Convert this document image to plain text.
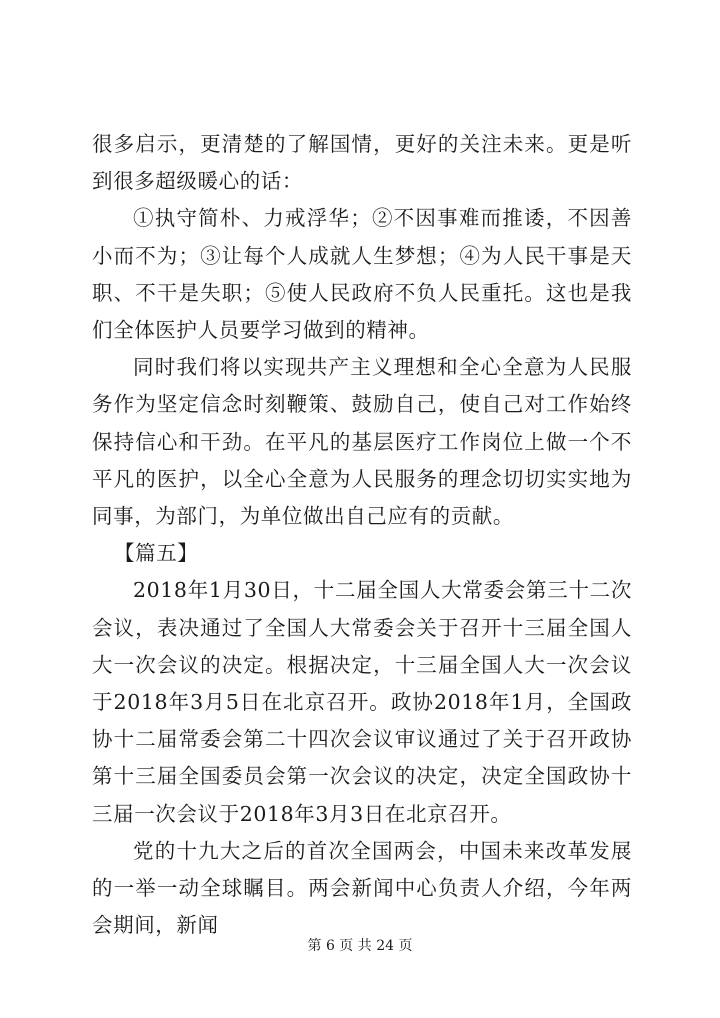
很多启示，更清楚的了解国情，更好的关注未来。更是听到很多超级暖心的话：

①执守简朴、力戒浮华；②不因事难而推诿，不因善小而不为；③让每个人成就人生梦想；④为人民干事是天职、不干是失职；⑤使人民政府不负人民重托。这也是我们全体医护人员要学习做到的精神。

同时我们将以实现共产主义理想和全心全意为人民服务作为坚定信念时刻鞭策、鼓励自己，使自己对工作始终保持信心和干劲。在平凡的基层医疗工作岗位上做一个不平凡的医护，以全心全意为人民服务的理念切切实实地为同事，为部门，为单位做出自己应有的贡献。

【篇五】

2018年1月30日，十二届全国人大常委会第三十二次会议，表决通过了全国人大常委会关于召开十三届全国人大一次会议的决定。根据决定，十三届全国人大一次会议于2018年3月5日在北京召开。政协2018年1月，全国政协十二届常委会第二十四次会议审议通过了关于召开政协第十三届全国委员会第一次会议的决定，决定全国政协十三届一次会议于2018年3月3日在北京召开。

党的十九大之后的首次全国两会，中国未来改革发展的一举一动全球瞩目。两会新闻中心负责人介绍，今年两会期间，新闻

第 6 页 共 24 页
